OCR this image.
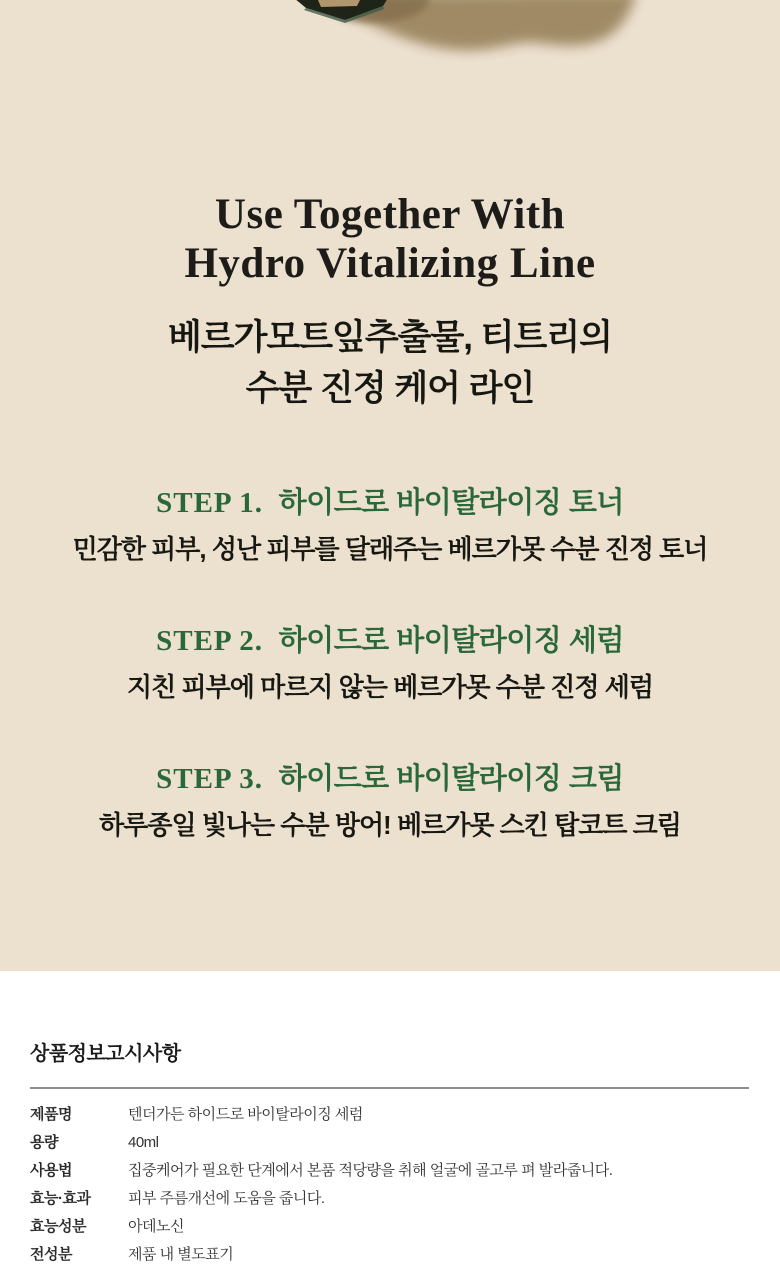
Use Together With
Hydro Vitalizing Line
베르가모트잎추출물, 티트리의
수분 진정 케어 라인
STEP 1. 하이드로 바이탈라이징 토너
민감한 피부, 성난 피부를 달래주는 베르가못 수분 진정 토너
STEP 2. 하이드로 바이탈라이징 세럼
지친 피부에 마르지 않는 베르가못 수분 진정 세럼
STEP 3. 하이드로 바이탈라이징 크림
하루종일 빛나는 수분 방어! 베르가못 스킨 탑코트 크림
상품정보고시사항
제품명	텐더가든 하이드로 바이탈라이징 세럼
용량	40ml
사용법	집중케어가 필요한 단계에서 본품 적당량을 취해 얼굴에 골고루 펴 발라줍니다.
효능·효과	피부 주름개선에 도움을 줍니다.
효능성분	아데노신
전성분	제품 내 별도표기
